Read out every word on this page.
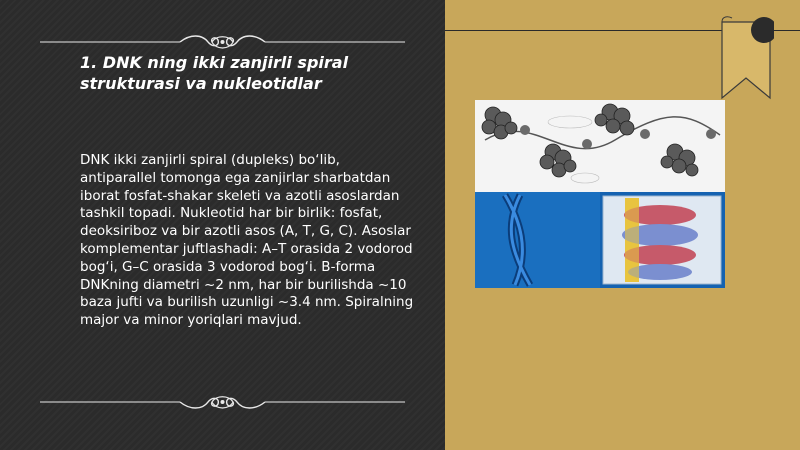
1. DNK ning ikki zanjirli spiral strukturasi va nukleotidlar

DNK ikki zanjirli spiral (dupleks) bo‘lib, antiparallel tomonga ega zanjirlar sharbatdan iborat fosfat-shakar skeleti va azotli asoslardan tashkil topadi. Nukleotid har bir birlik: fosfat, deoksiriboz va bir azotli asos (A, T, G, C). Asoslar komplementar juftlashadi: A–T orasida 2 vodorod bog‘i, G–C orasida 3 vodorod bog‘i. B-forma DNKning diametri ~2 nm, har bir burilishda ~10 baza jufti va burilish uzunligi ~3.4 nm. Spiralning major va minor yoriqlari mavjud.
